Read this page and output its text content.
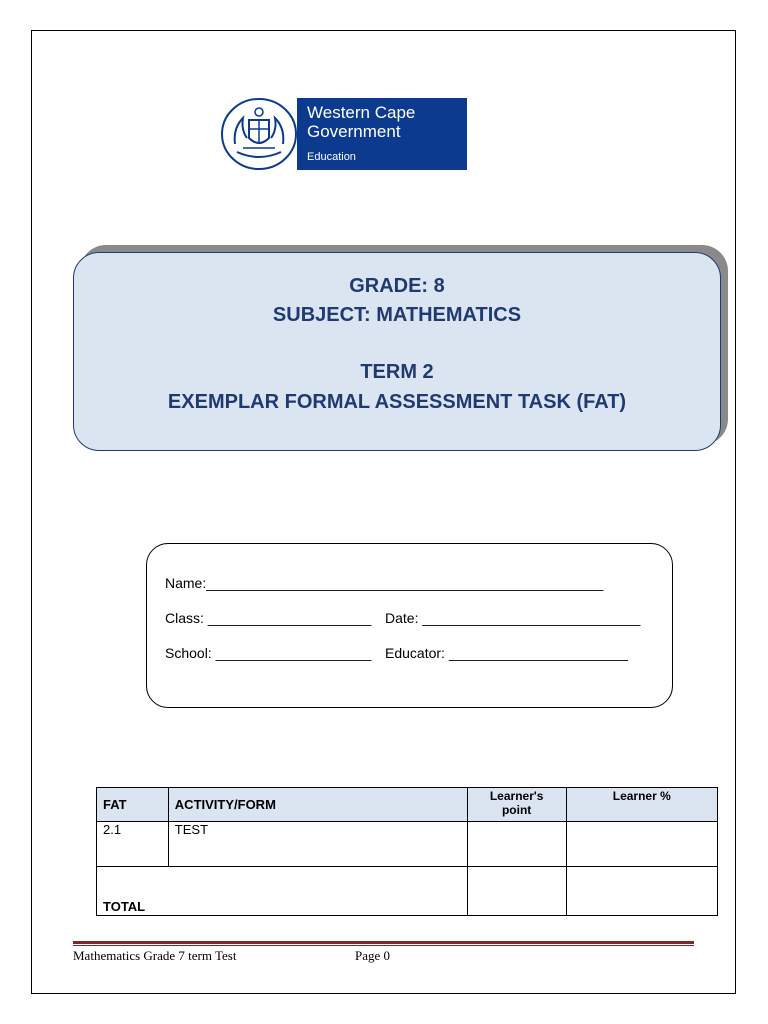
Western Cape
Government
Education
GRADE: 8
SUBJECT: MATHEMATICS
TERM 2
EXEMPLAR FORMAL ASSESSMENT TASK (FAT)
Name:___________________________________________________
Class: _____________________ Date: ____________________________
School: ____________________ Educator: _______________________
FAT	ACTIVITY/FORM	Learner's point	Learner %
2.1	TEST		
TOTAL			
Mathematics Grade 7 term Test	Page 0
